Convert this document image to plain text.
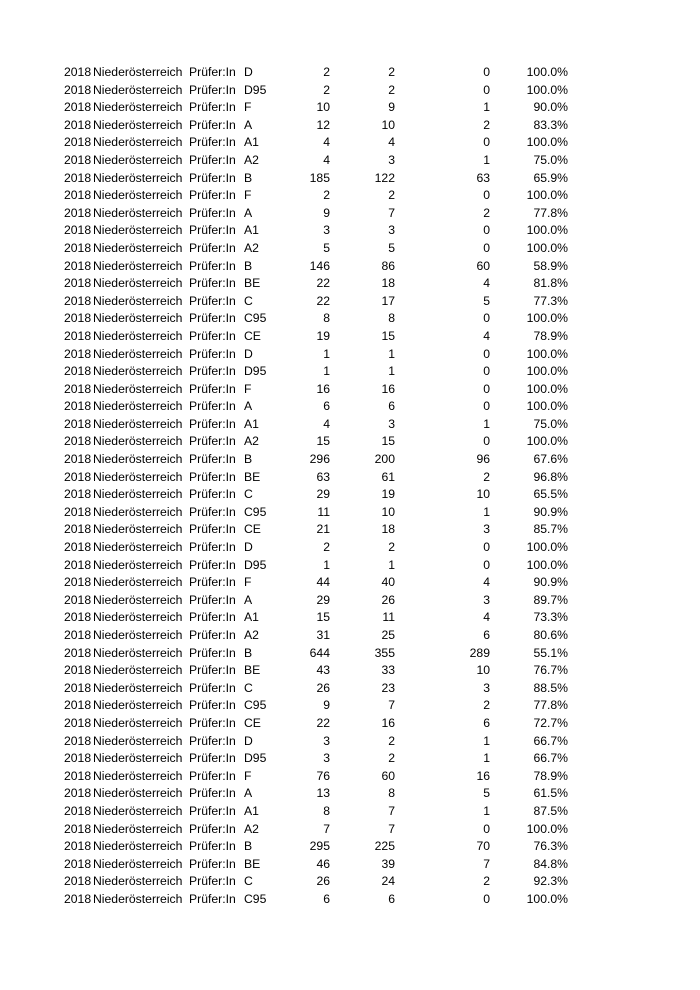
2018 Niederösterreich Prüfer:In D	2	2	0	100.0%
2018 Niederösterreich Prüfer:In D95	2	2	0	100.0%
2018 Niederösterreich Prüfer:In F	10	9	1	90.0%
2018 Niederösterreich Prüfer:In A	12	10	2	83.3%
2018 Niederösterreich Prüfer:In A1	4	4	0	100.0%
2018 Niederösterreich Prüfer:In A2	4	3	1	75.0%
2018 Niederösterreich Prüfer:In B	185	122	63	65.9%
2018 Niederösterreich Prüfer:In F	2	2	0	100.0%
2018 Niederösterreich Prüfer:In A	9	7	2	77.8%
2018 Niederösterreich Prüfer:In A1	3	3	0	100.0%
2018 Niederösterreich Prüfer:In A2	5	5	0	100.0%
2018 Niederösterreich Prüfer:In B	146	86	60	58.9%
2018 Niederösterreich Prüfer:In BE	22	18	4	81.8%
2018 Niederösterreich Prüfer:In C	22	17	5	77.3%
2018 Niederösterreich Prüfer:In C95	8	8	0	100.0%
2018 Niederösterreich Prüfer:In CE	19	15	4	78.9%
2018 Niederösterreich Prüfer:In D	1	1	0	100.0%
2018 Niederösterreich Prüfer:In D95	1	1	0	100.0%
2018 Niederösterreich Prüfer:In F	16	16	0	100.0%
2018 Niederösterreich Prüfer:In A	6	6	0	100.0%
2018 Niederösterreich Prüfer:In A1	4	3	1	75.0%
2018 Niederösterreich Prüfer:In A2	15	15	0	100.0%
2018 Niederösterreich Prüfer:In B	296	200	96	67.6%
2018 Niederösterreich Prüfer:In BE	63	61	2	96.8%
2018 Niederösterreich Prüfer:In C	29	19	10	65.5%
2018 Niederösterreich Prüfer:In C95	11	10	1	90.9%
2018 Niederösterreich Prüfer:In CE	21	18	3	85.7%
2018 Niederösterreich Prüfer:In D	2	2	0	100.0%
2018 Niederösterreich Prüfer:In D95	1	1	0	100.0%
2018 Niederösterreich Prüfer:In F	44	40	4	90.9%
2018 Niederösterreich Prüfer:In A	29	26	3	89.7%
2018 Niederösterreich Prüfer:In A1	15	11	4	73.3%
2018 Niederösterreich Prüfer:In A2	31	25	6	80.6%
2018 Niederösterreich Prüfer:In B	644	355	289	55.1%
2018 Niederösterreich Prüfer:In BE	43	33	10	76.7%
2018 Niederösterreich Prüfer:In C	26	23	3	88.5%
2018 Niederösterreich Prüfer:In C95	9	7	2	77.8%
2018 Niederösterreich Prüfer:In CE	22	16	6	72.7%
2018 Niederösterreich Prüfer:In D	3	2	1	66.7%
2018 Niederösterreich Prüfer:In D95	3	2	1	66.7%
2018 Niederösterreich Prüfer:In F	76	60	16	78.9%
2018 Niederösterreich Prüfer:In A	13	8	5	61.5%
2018 Niederösterreich Prüfer:In A1	8	7	1	87.5%
2018 Niederösterreich Prüfer:In A2	7	7	0	100.0%
2018 Niederösterreich Prüfer:In B	295	225	70	76.3%
2018 Niederösterreich Prüfer:In BE	46	39	7	84.8%
2018 Niederösterreich Prüfer:In C	26	24	2	92.3%
2018 Niederösterreich Prüfer:In C95	6	6	0	100.0%
